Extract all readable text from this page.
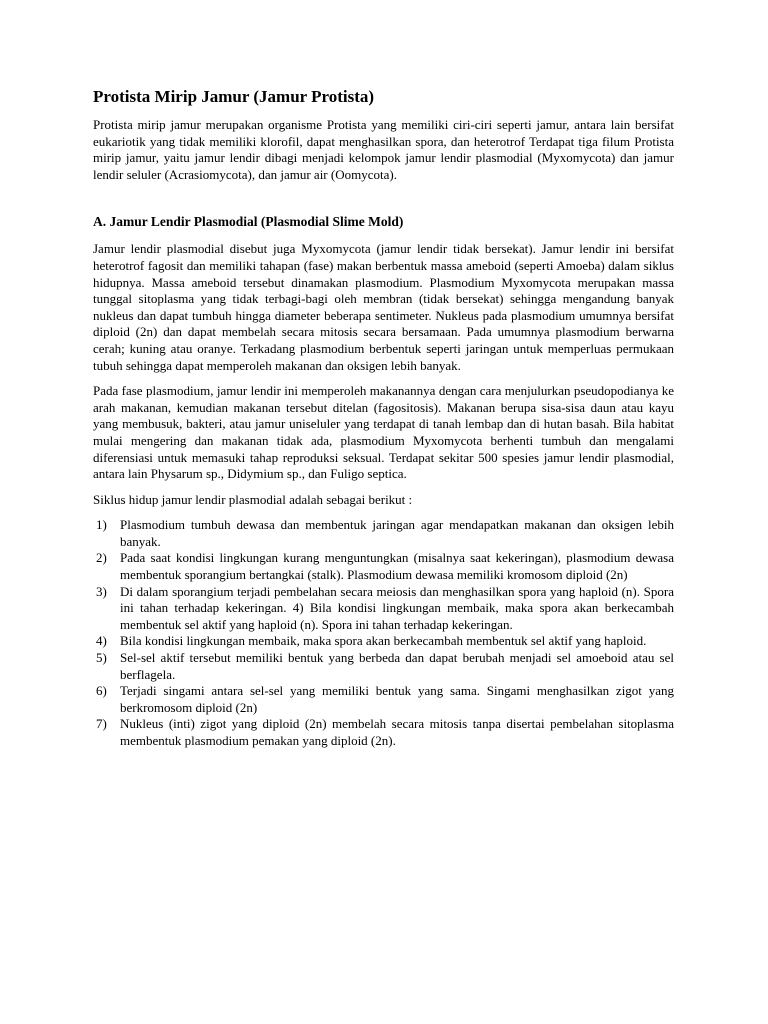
Protista Mirip Jamur (Jamur Protista)

Protista mirip jamur merupakan organisme Protista yang memiliki ciri-ciri seperti jamur, antara lain bersifat eukariotik yang tidak memiliki klorofil, dapat menghasilkan spora, dan heterotrof Terdapat tiga filum Protista mirip jamur, yaitu jamur lendir dibagi menjadi kelompok jamur lendir plasmodial (Myxomycota) dan jamur lendir seluler (Acrasiomycota), dan jamur air (Oomycota).

A. Jamur Lendir Plasmodial (Plasmodial Slime Mold)

Jamur lendir plasmodial disebut juga Myxomycota (jamur lendir tidak bersekat). Jamur lendir ini bersifat heterotrof fagosit dan memiliki tahapan (fase) makan berbentuk massa ameboid (seperti Amoeba) dalam siklus hidupnya. Massa ameboid tersebut dinamakan plasmodium. Plasmodium Myxomycota merupakan massa tunggal sitoplasma yang tidak terbagi-bagi oleh membran (tidak bersekat) sehingga mengandung banyak nukleus dan dapat tumbuh hingga diameter beberapa sentimeter. Nukleus pada plasmodium umumnya bersifat diploid (2n) dan dapat membelah secara mitosis secara bersamaan. Pada umumnya plasmodium berwarna cerah; kuning atau oranye. Terkadang plasmodium berbentuk seperti jaringan untuk memperluas permukaan tubuh sehingga dapat memperoleh makanan dan oksigen lebih banyak.

Pada fase plasmodium, jamur lendir ini memperoleh makanannya dengan cara menjulurkan pseudopodianya ke arah makanan, kemudian makanan tersebut ditelan (fagositosis). Makanan berupa sisa-sisa daun atau kayu yang membusuk, bakteri, atau jamur uniseluler yang terdapat di tanah lembap dan di hutan basah. Bila habitat mulai mengering dan makanan tidak ada, plasmodium Myxomycota berhenti tumbuh dan mengalami diferensiasi untuk memasuki tahap reproduksi seksual. Terdapat sekitar 500 spesies jamur lendir plasmodial, antara lain Physarum sp., Didymium sp., dan Fuligo septica.

Siklus hidup jamur lendir plasmodial adalah sebagai berikut :

1) Plasmodium tumbuh dewasa dan membentuk jaringan agar mendapatkan makanan dan oksigen lebih banyak.
2) Pada saat kondisi lingkungan kurang menguntungkan (misalnya saat kekeringan), plasmodium dewasa membentuk sporangium bertangkai (stalk). Plasmodium dewasa memiliki kromosom diploid (2n)
3) Di dalam sporangium terjadi pembelahan secara meiosis dan menghasilkan spora yang haploid (n). Spora ini tahan terhadap kekeringan. 4) Bila kondisi lingkungan membaik, maka spora akan berkecambah membentuk sel aktif yang haploid (n). Spora ini tahan terhadap kekeringan.
4) Bila kondisi lingkungan membaik, maka spora akan berkecambah membentuk sel aktif yang haploid.
5) Sel-sel aktif tersebut memiliki bentuk yang berbeda dan dapat berubah menjadi sel amoeboid atau sel berflagela.
6) Terjadi singami antara sel-sel yang memiliki bentuk yang sama. Singami menghasilkan zigot yang berkromosom diploid (2n)
7) Nukleus (inti) zigot yang diploid (2n) membelah secara mitosis tanpa disertai pembelahan sitoplasma membentuk plasmodium pemakan yang diploid (2n).
